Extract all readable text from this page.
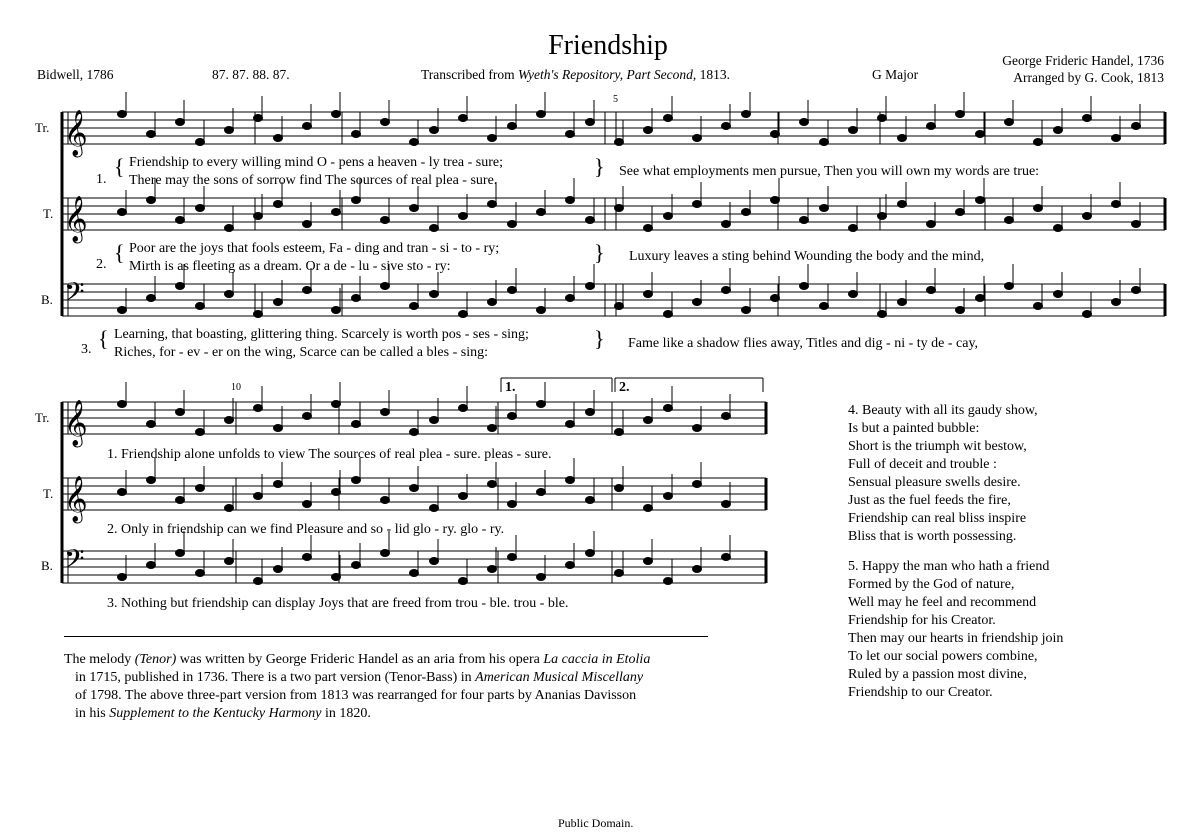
Friendship
Bidwell, 1786	87. 87. 88. 87.	Transcribed from Wyeth's Repository, Part Second, 1813.	G Major
George Frideric Handel, 1736
Arranged by G. Cook, 1813
𝄞
𝄞
𝄢
𝄞
𝄞
𝄢
Tr.
T.
B.
Tr.
T.
B.
5
10	1.	2.
1.
{ Friendship to every willing mind O - pens a heaven - ly trea - sure;
There may the sons of sorrow find The sources of real plea - sure.
} See what employments men pursue, Then you will own my words are true:
2. { Poor are the joys that fools esteem, Fa - ding and tran - si - to - ry;
Mirth is as fleeting as a dream. Or a de - lu - sive sto - ry:
} Luxury leaves a sting behind Wounding the body and the mind,
3. { Learning, that boasting, glittering thing. Scarcely is worth pos - ses - sing;
Riches, for - ev - er on the wing, Scarce can be called a bles - sing:
} Fame like a shadow flies away, Titles and dig - ni - ty de - cay,
1. Friendship alone unfolds to view The sources of real plea - sure. pleas - sure.
2. Only in friendship can we find Pleasure and so - lid glo - ry. glo - ry.
3. Nothing but friendship can display Joys that are freed from trou - ble. trou - ble.
4. Beauty with all its gaudy show,
Is but a painted bubble:
Short is the triumph wit bestow,
Full of deceit and trouble :
Sensual pleasure swells desire.
Just as the fuel feeds the fire,
Friendship can real bliss inspire
Bliss that is worth possessing.
5. Happy the man who hath a friend
Formed by the God of nature,
Well may he feel and recommend
Friendship for his Creator.
Then may our hearts in friendship join
To let our social powers combine,
Ruled by a passion most divine,
Friendship to our Creator.
The melody (Tenor) was written by George Frideric Handel as an aria from his opera La caccia in Etolia
in 1715, published in 1736. There is a two part version (Tenor-Bass) in American Musical Miscellany
of 1798. The above three-part version from 1813 was rearranged for four parts by Ananias Davisson
in his Supplement to the Kentucky Harmony in 1820.
Public Domain.
